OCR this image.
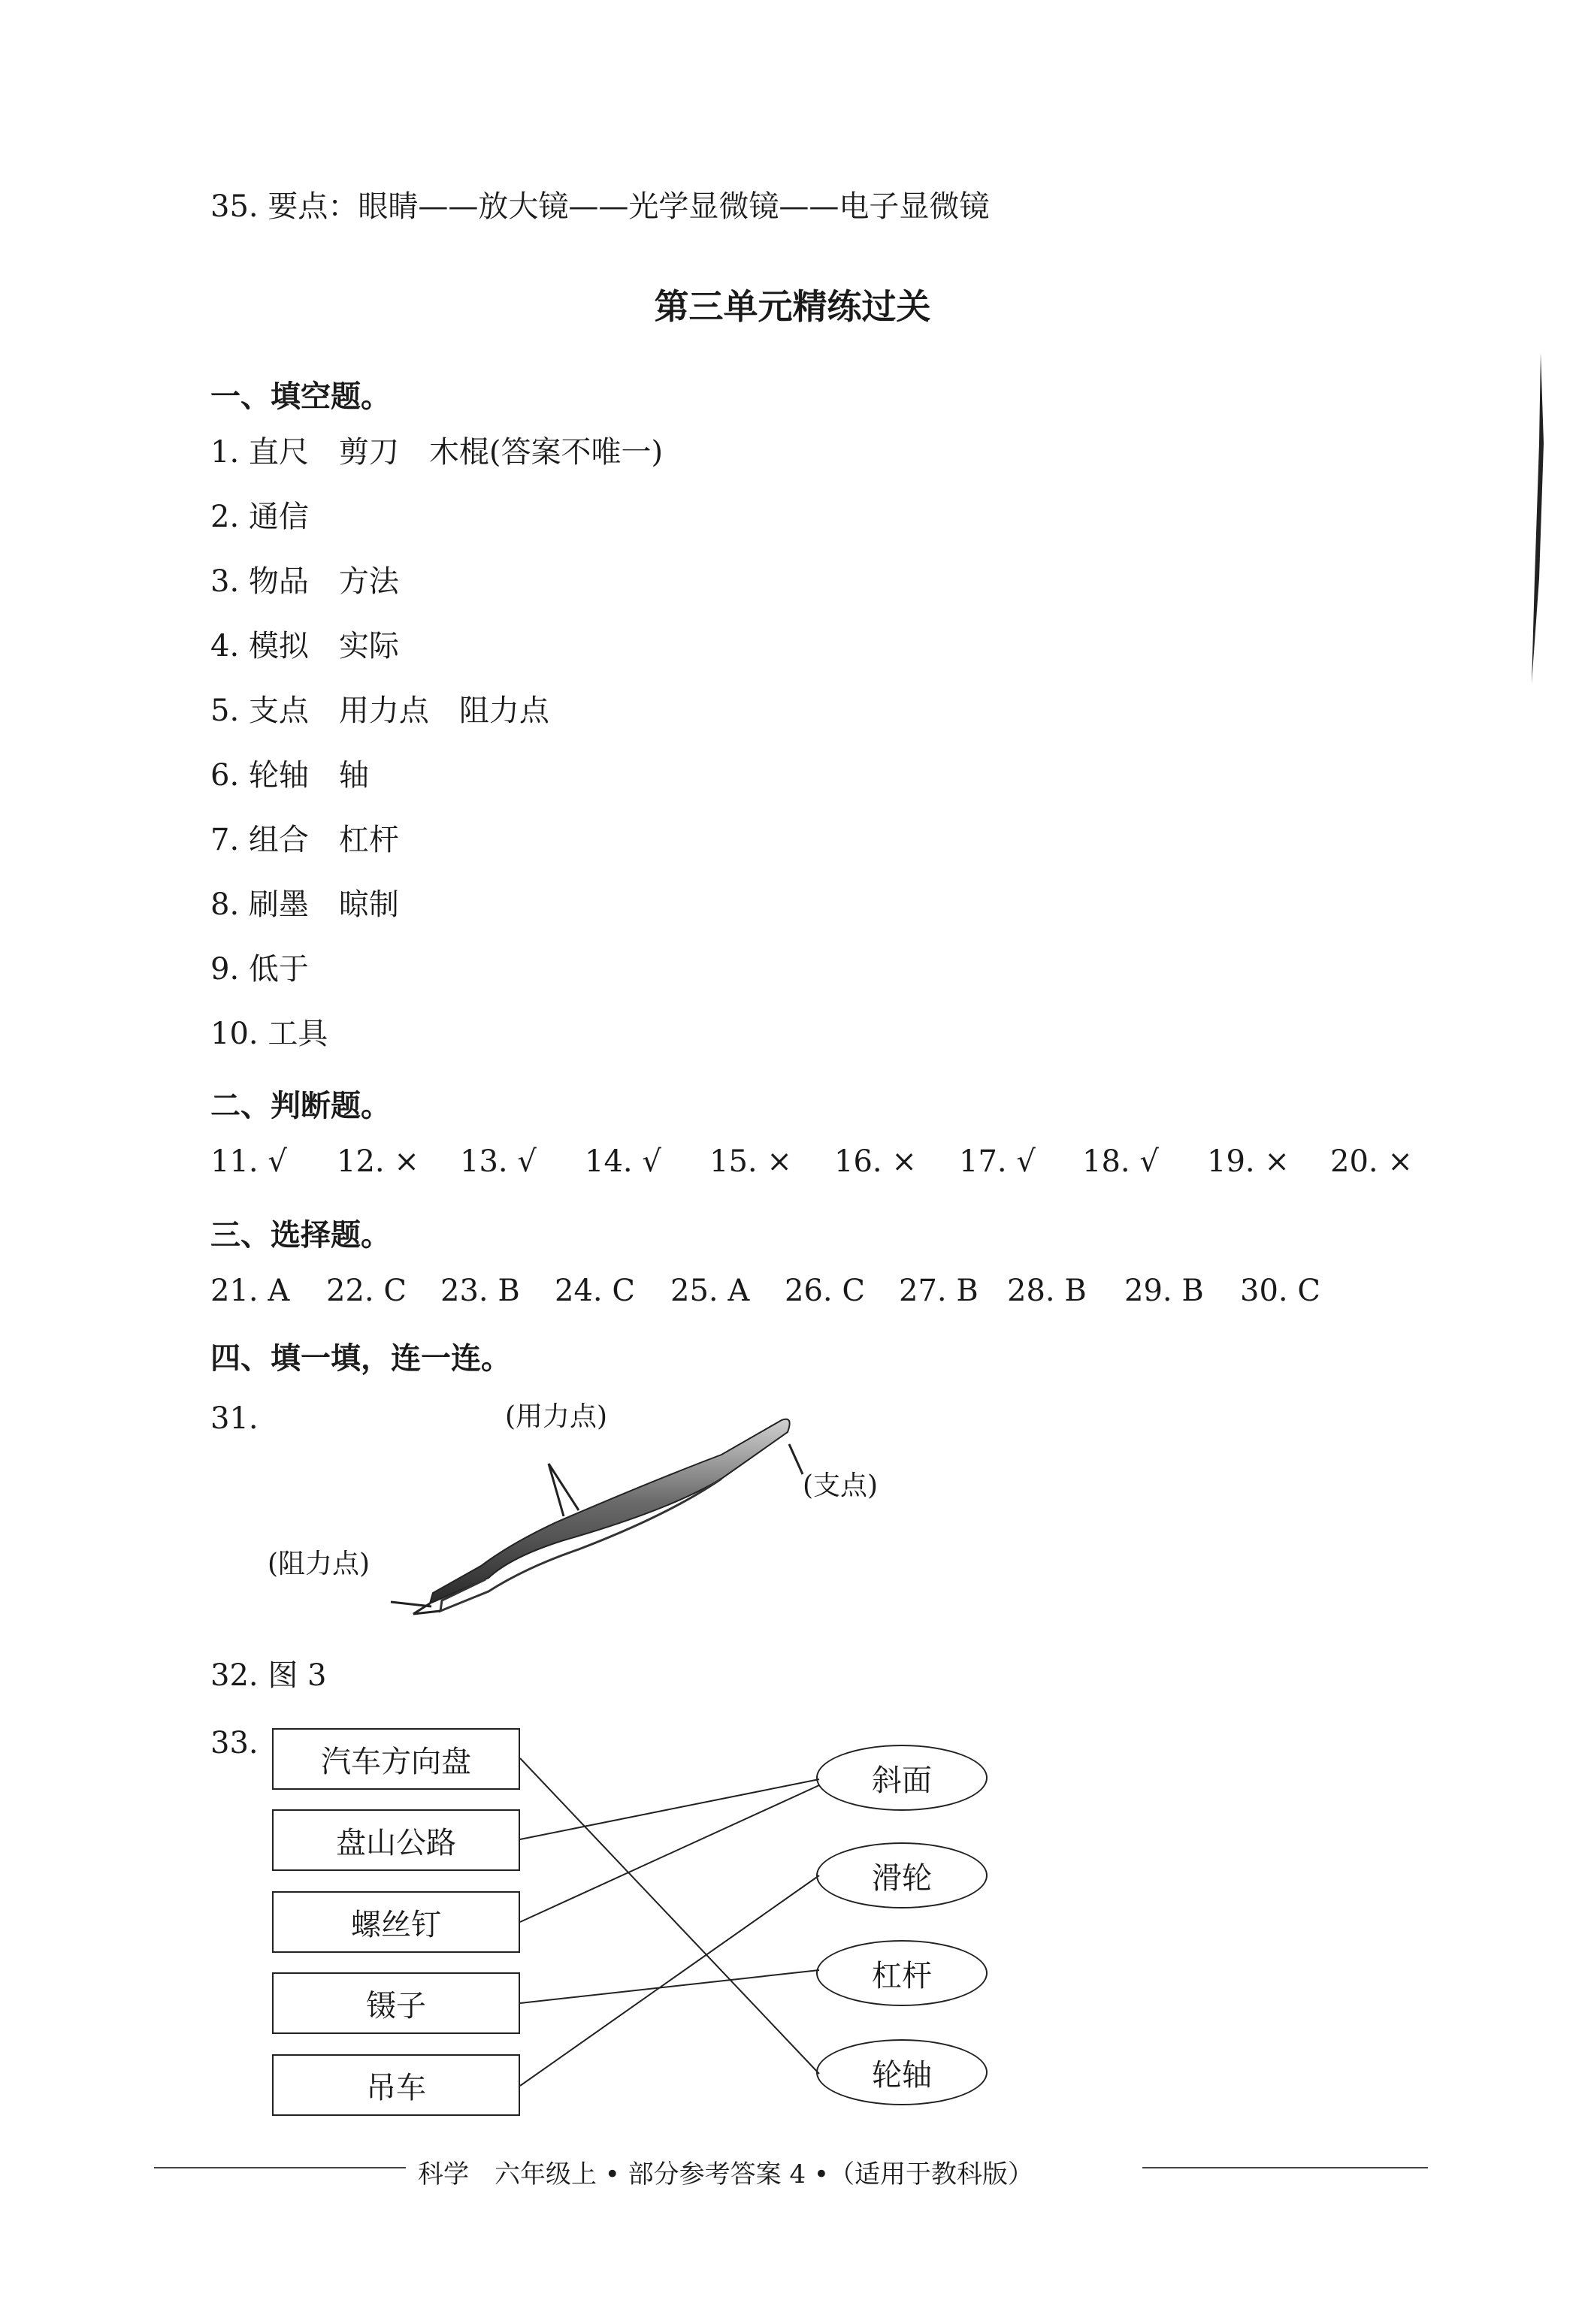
35. 要点：眼睛——放大镜——光学显微镜——电子显微镜
第三单元精练过关
一、填空题。
1. 直尺　剪刀　木棍(答案不唯一)
2. 通信
3. 物品　方法
4. 模拟　实际
5. 支点　用力点　阻力点
6. 轮轴　轴
7. 组合　杠杆
8. 刷墨　晾制
9. 低于
10. 工具
二、判断题。
11. √ 12. × 13. √ 14. √ 15. × 16. × 17. √ 18. √ 19. × 20. ×
三、选择题。
21. A 22. C 23. B 24. C 25. A 26. C 27. B 28. B 29. B 30. C
四、填一填，连一连。
31.	(用力点)
(支点)
(阻力点)
32. 图 3
33.
汽车方向盘
盘山公路
螺丝钉
镊子
吊车
斜面
滑轮
杠杆
轮轴
科学　六年级上 • 部分参考答案 4 •（适用于教科版）
